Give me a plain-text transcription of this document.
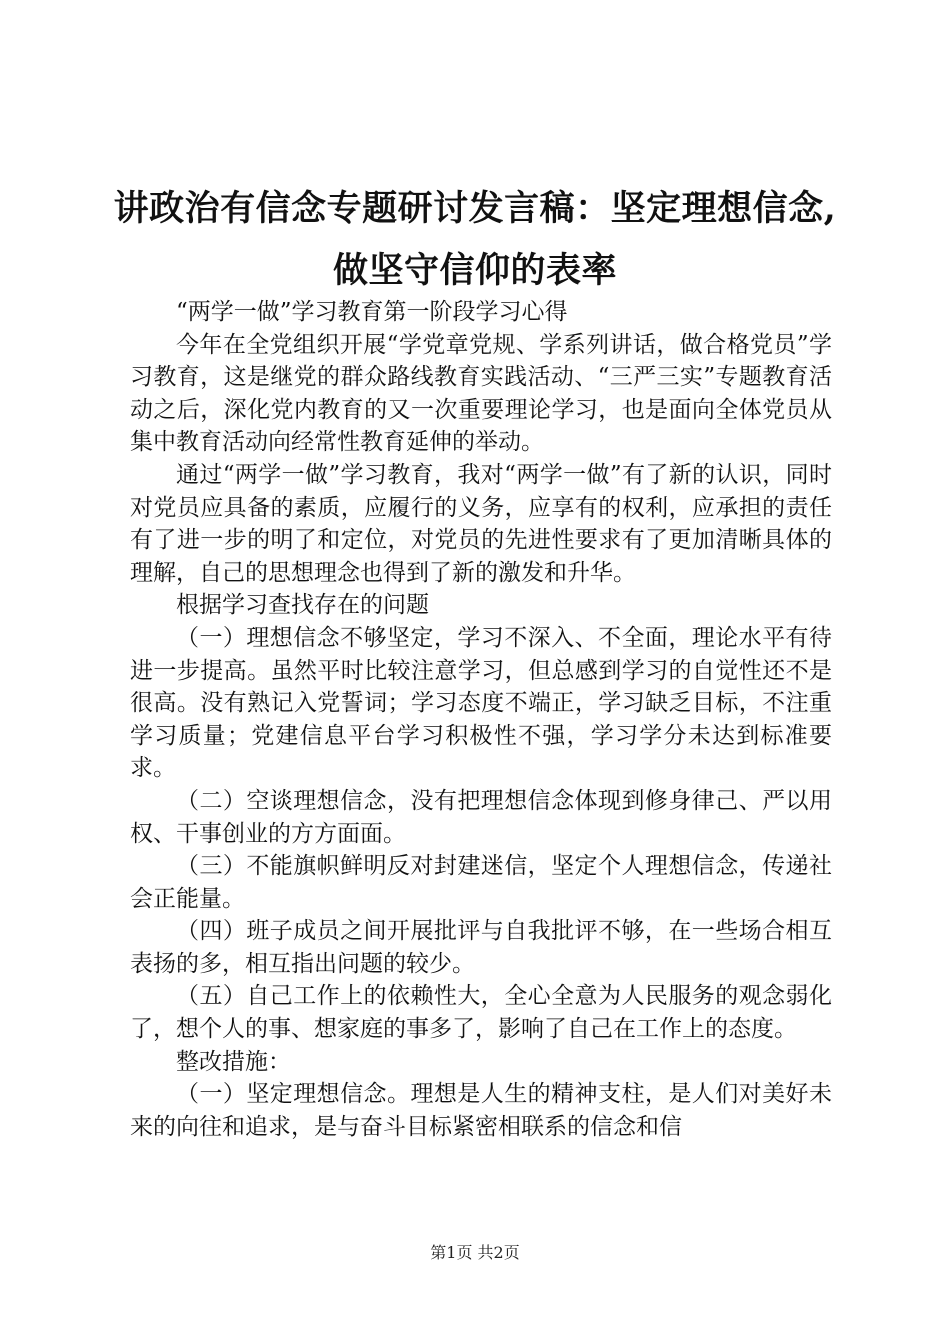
讲政治有信念专题研讨发言稿：坚定理想信念,
做坚守信仰的表率

“两学一做”学习教育第一阶段学习心得

今年在全党组织开展“学党章党规、学系列讲话，做合格党员”学习教育，这是继党的群众路线教育实践活动、“三严三实”专题教育活动之后，深化党内教育的又一次重要理论学习，也是面向全体党员从集中教育活动向经常性教育延伸的举动。

通过“两学一做”学习教育，我对“两学一做”有了新的认识，同时对党员应具备的素质，应履行的义务，应享有的权利，应承担的责任有了进一步的明了和定位，对党员的先进性要求有了更加清晰具体的理解，自己的思想理念也得到了新的激发和升华。

根据学习查找存在的问题

（一）理想信念不够坚定，学习不深入、不全面，理论水平有待进一步提高。虽然平时比较注意学习，但总感到学习的自觉性还不是很高。没有熟记入党誓词；学习态度不端正，学习缺乏目标，不注重学习质量；党建信息平台学习积极性不强，学习学分未达到标准要求。

（二）空谈理想信念，没有把理想信念体现到修身律己、严以用权、干事创业的方方面面。

（三）不能旗帜鲜明反对封建迷信，坚定个人理想信念，传递社会正能量。

（四）班子成员之间开展批评与自我批评不够，在一些场合相互表扬的多，相互指出问题的较少。

（五）自己工作上的依赖性大，全心全意为人民服务的观念弱化了，想个人的事、想家庭的事多了，影响了自己在工作上的态度。

整改措施：

（一）坚定理想信念。理想是人生的精神支柱，是人们对美好未来的向往和追求，是与奋斗目标紧密相联系的信念和信

第1页 共2页
